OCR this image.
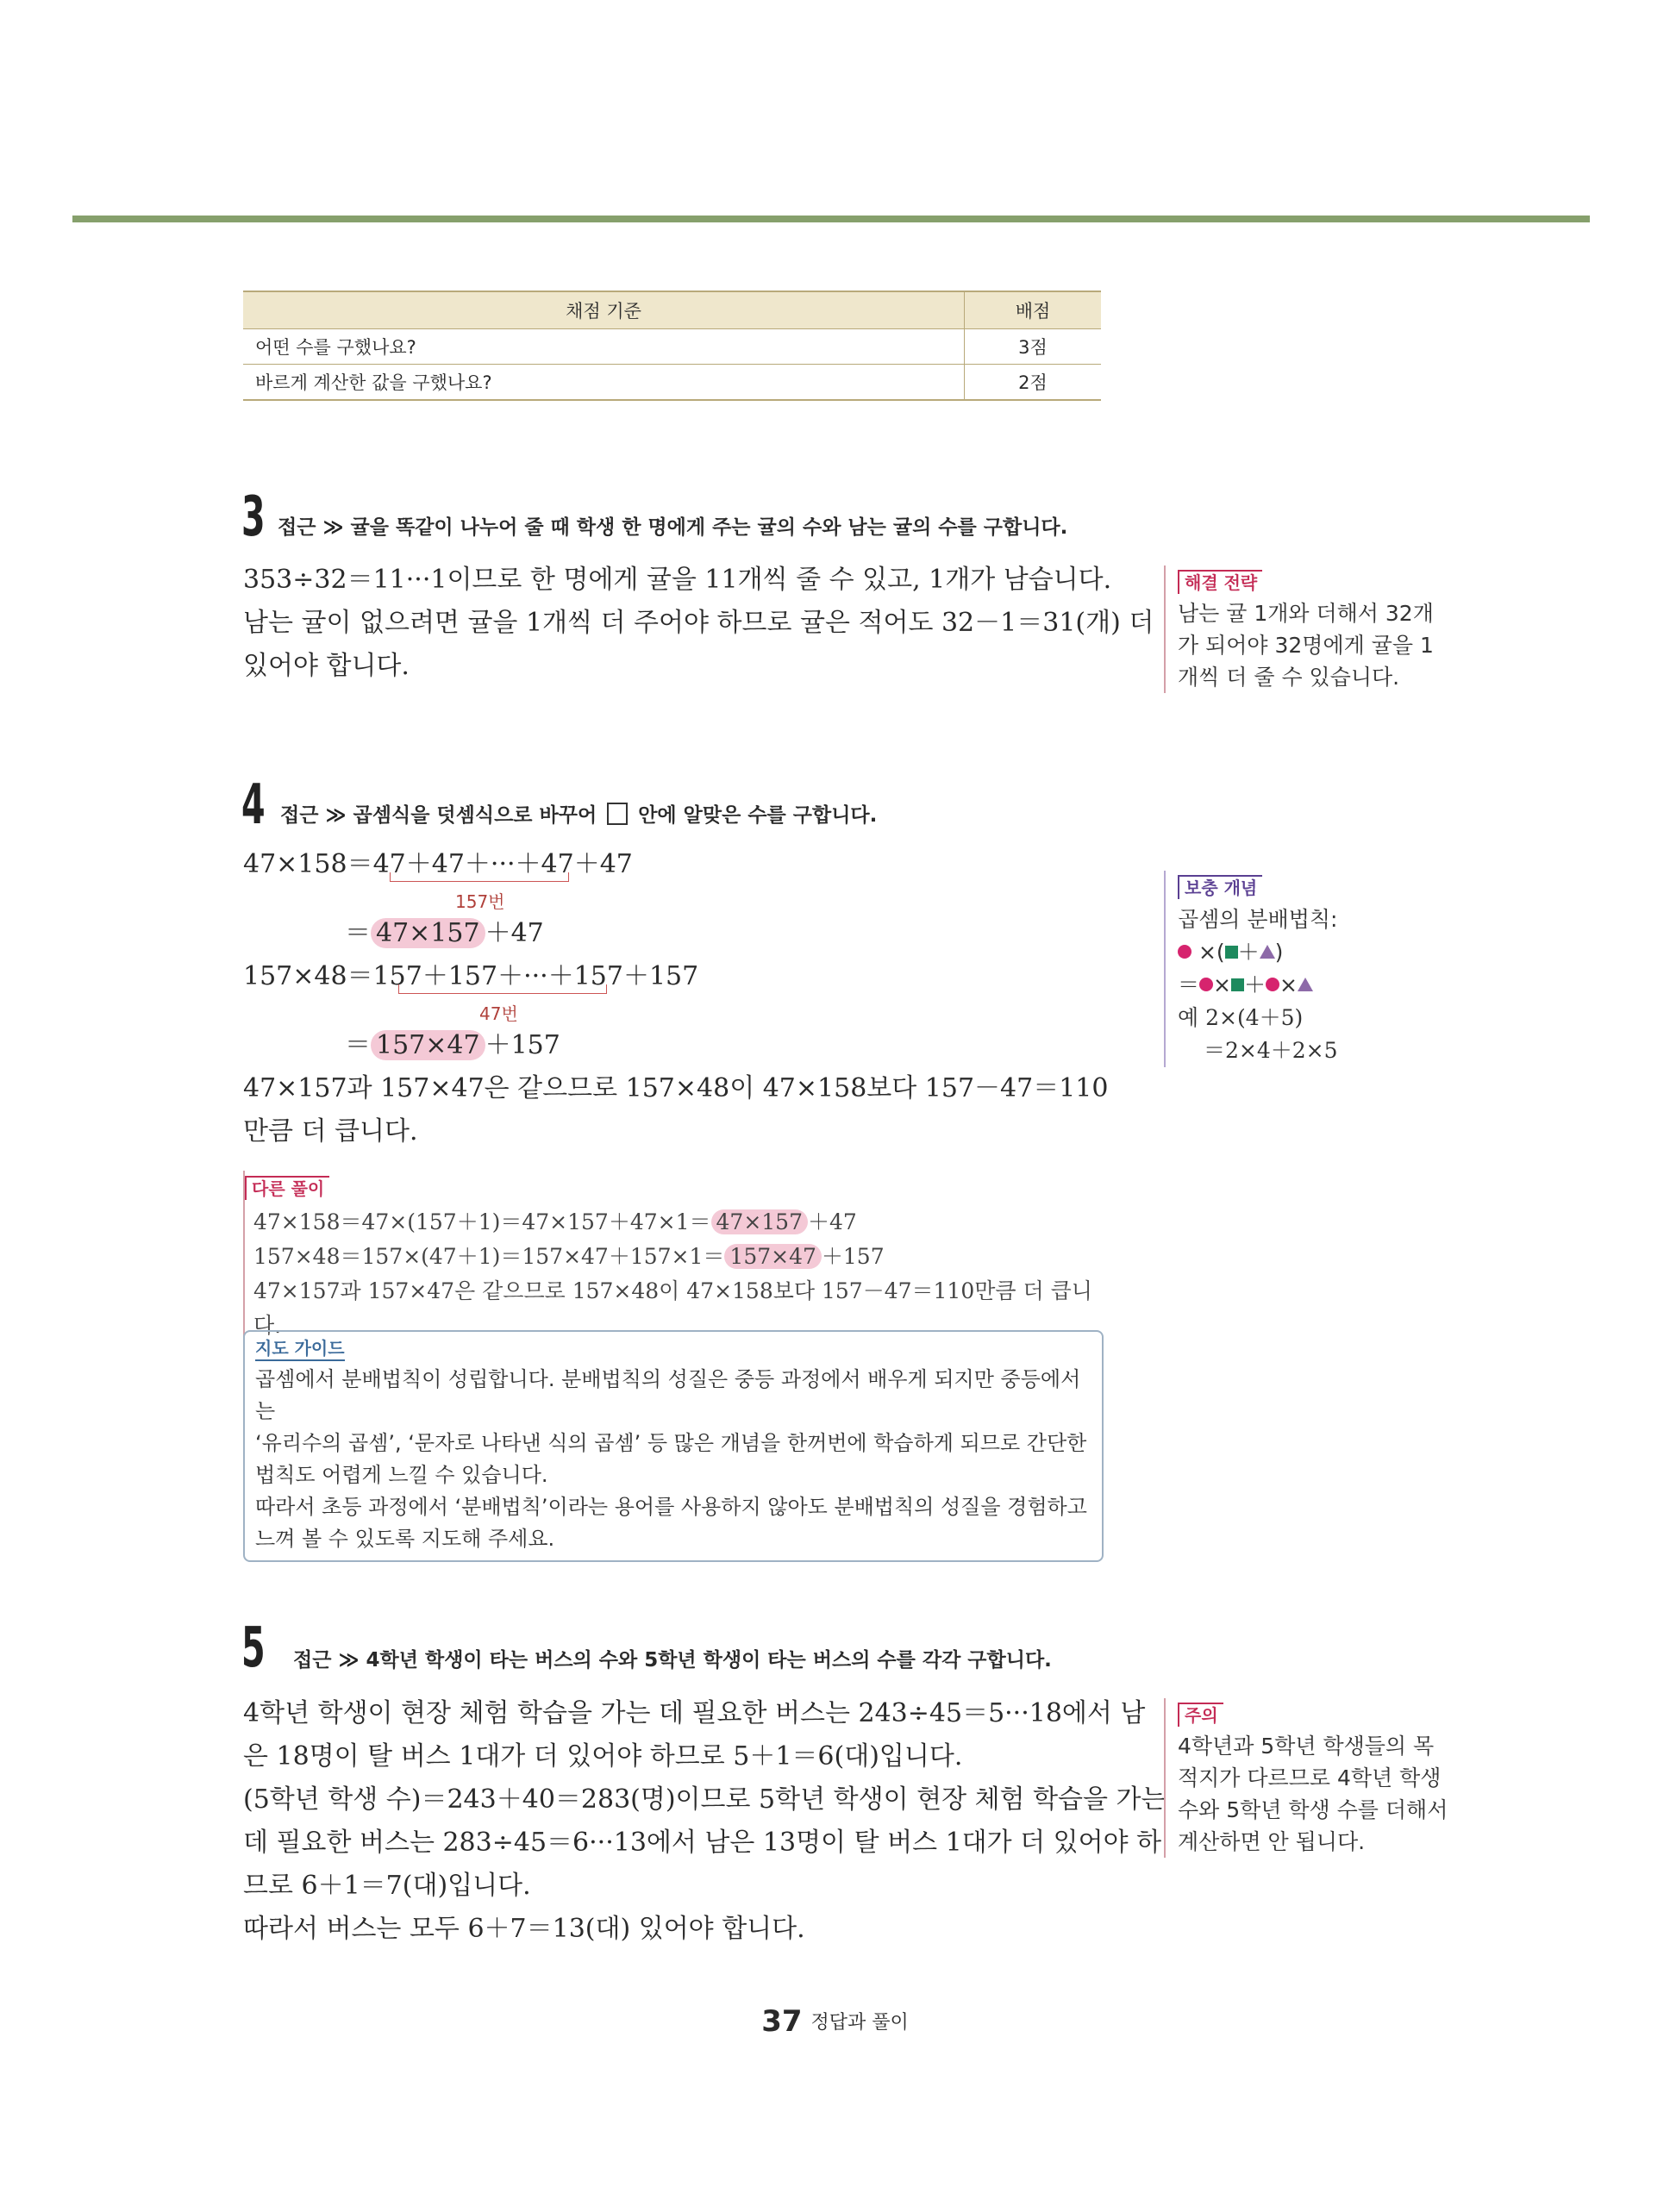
채점 기준	배점
어떤 수를 구했나요?	3점
바르게 계산한 값을 구했나요?	2점
3 접근 ≫ 귤을 똑같이 나누어 줄 때 학생 한 명에게 주는 귤의 수와 남는 귤의 수를 구합니다.
353÷32＝11···1이므로 한 명에게 귤을 11개씩 줄 수 있고, 1개가 남습니다.
남는 귤이 없으려면 귤을 1개씩 더 주어야 하므로 귤은 적어도 32－1＝31(개) 더
있어야 합니다.
해결 전략
남는 귤 1개와 더해서 32개
가 되어야 32명에게 귤을 1
개씩 더 줄 수 있습니다.
4 접근 ≫ 곱셈식을 덧셈식으로 바꾸어 안에 알맞은 수를 구합니다.
47×158＝47＋47＋···＋47＋47
＝ 47×157 ＋47
157×48＝157＋157＋···＋157＋157
＝ 157×47 ＋157
47×157과 157×47은 같으므로 157×48이 47×158보다 157－47＝110
만큼 더 큽니다.
157번
47번
보충 개념
곱셈의 분배법칙:
×( ＋ )
＝ × ＋ ×
예 2×(4＋5)
＝2×4＋2×5
다른 풀이
47×158＝47×(157＋1)＝47×157＋47×1＝ 47×157 ＋47
157×48＝157×(47＋1)＝157×47＋157×1＝ 157×47 ＋157
47×157과 157×47은 같으므로 157×48이 47×158보다 157－47＝110만큼 더 큽니다.
지도 가이드
곱셈에서 분배법칙이 성립합니다. 분배법칙의 성질은 중등 과정에서 배우게 되지만 중등에서는
‘유리수의 곱셈’, ‘문자로 나타낸 식의 곱셈’ 등 많은 개념을 한꺼번에 학습하게 되므로 간단한
법칙도 어렵게 느낄 수 있습니다.
따라서 초등 과정에서 ‘분배법칙’이라는 용어를 사용하지 않아도 분배법칙의 성질을 경험하고
느껴 볼 수 있도록 지도해 주세요.
5 접근 ≫ 4학년 학생이 타는 버스의 수와 5학년 학생이 타는 버스의 수를 각각 구합니다.
4학년 학생이 현장 체험 학습을 가는 데 필요한 버스는 243÷45＝5···18에서 남
은 18명이 탈 버스 1대가 더 있어야 하므로 5＋1＝6(대)입니다.
(5학년 학생 수)＝243＋40＝283(명)이므로 5학년 학생이 현장 체험 학습을 가는
데 필요한 버스는 283÷45＝6···13에서 남은 13명이 탈 버스 1대가 더 있어야 하
므로 6＋1＝7(대)입니다.
따라서 버스는 모두 6＋7＝13(대) 있어야 합니다.
주의
4학년과 5학년 학생들의 목
적지가 다르므로 4학년 학생
수와 5학년 학생 수를 더해서
계산하면 안 됩니다.
37 정답과 풀이
